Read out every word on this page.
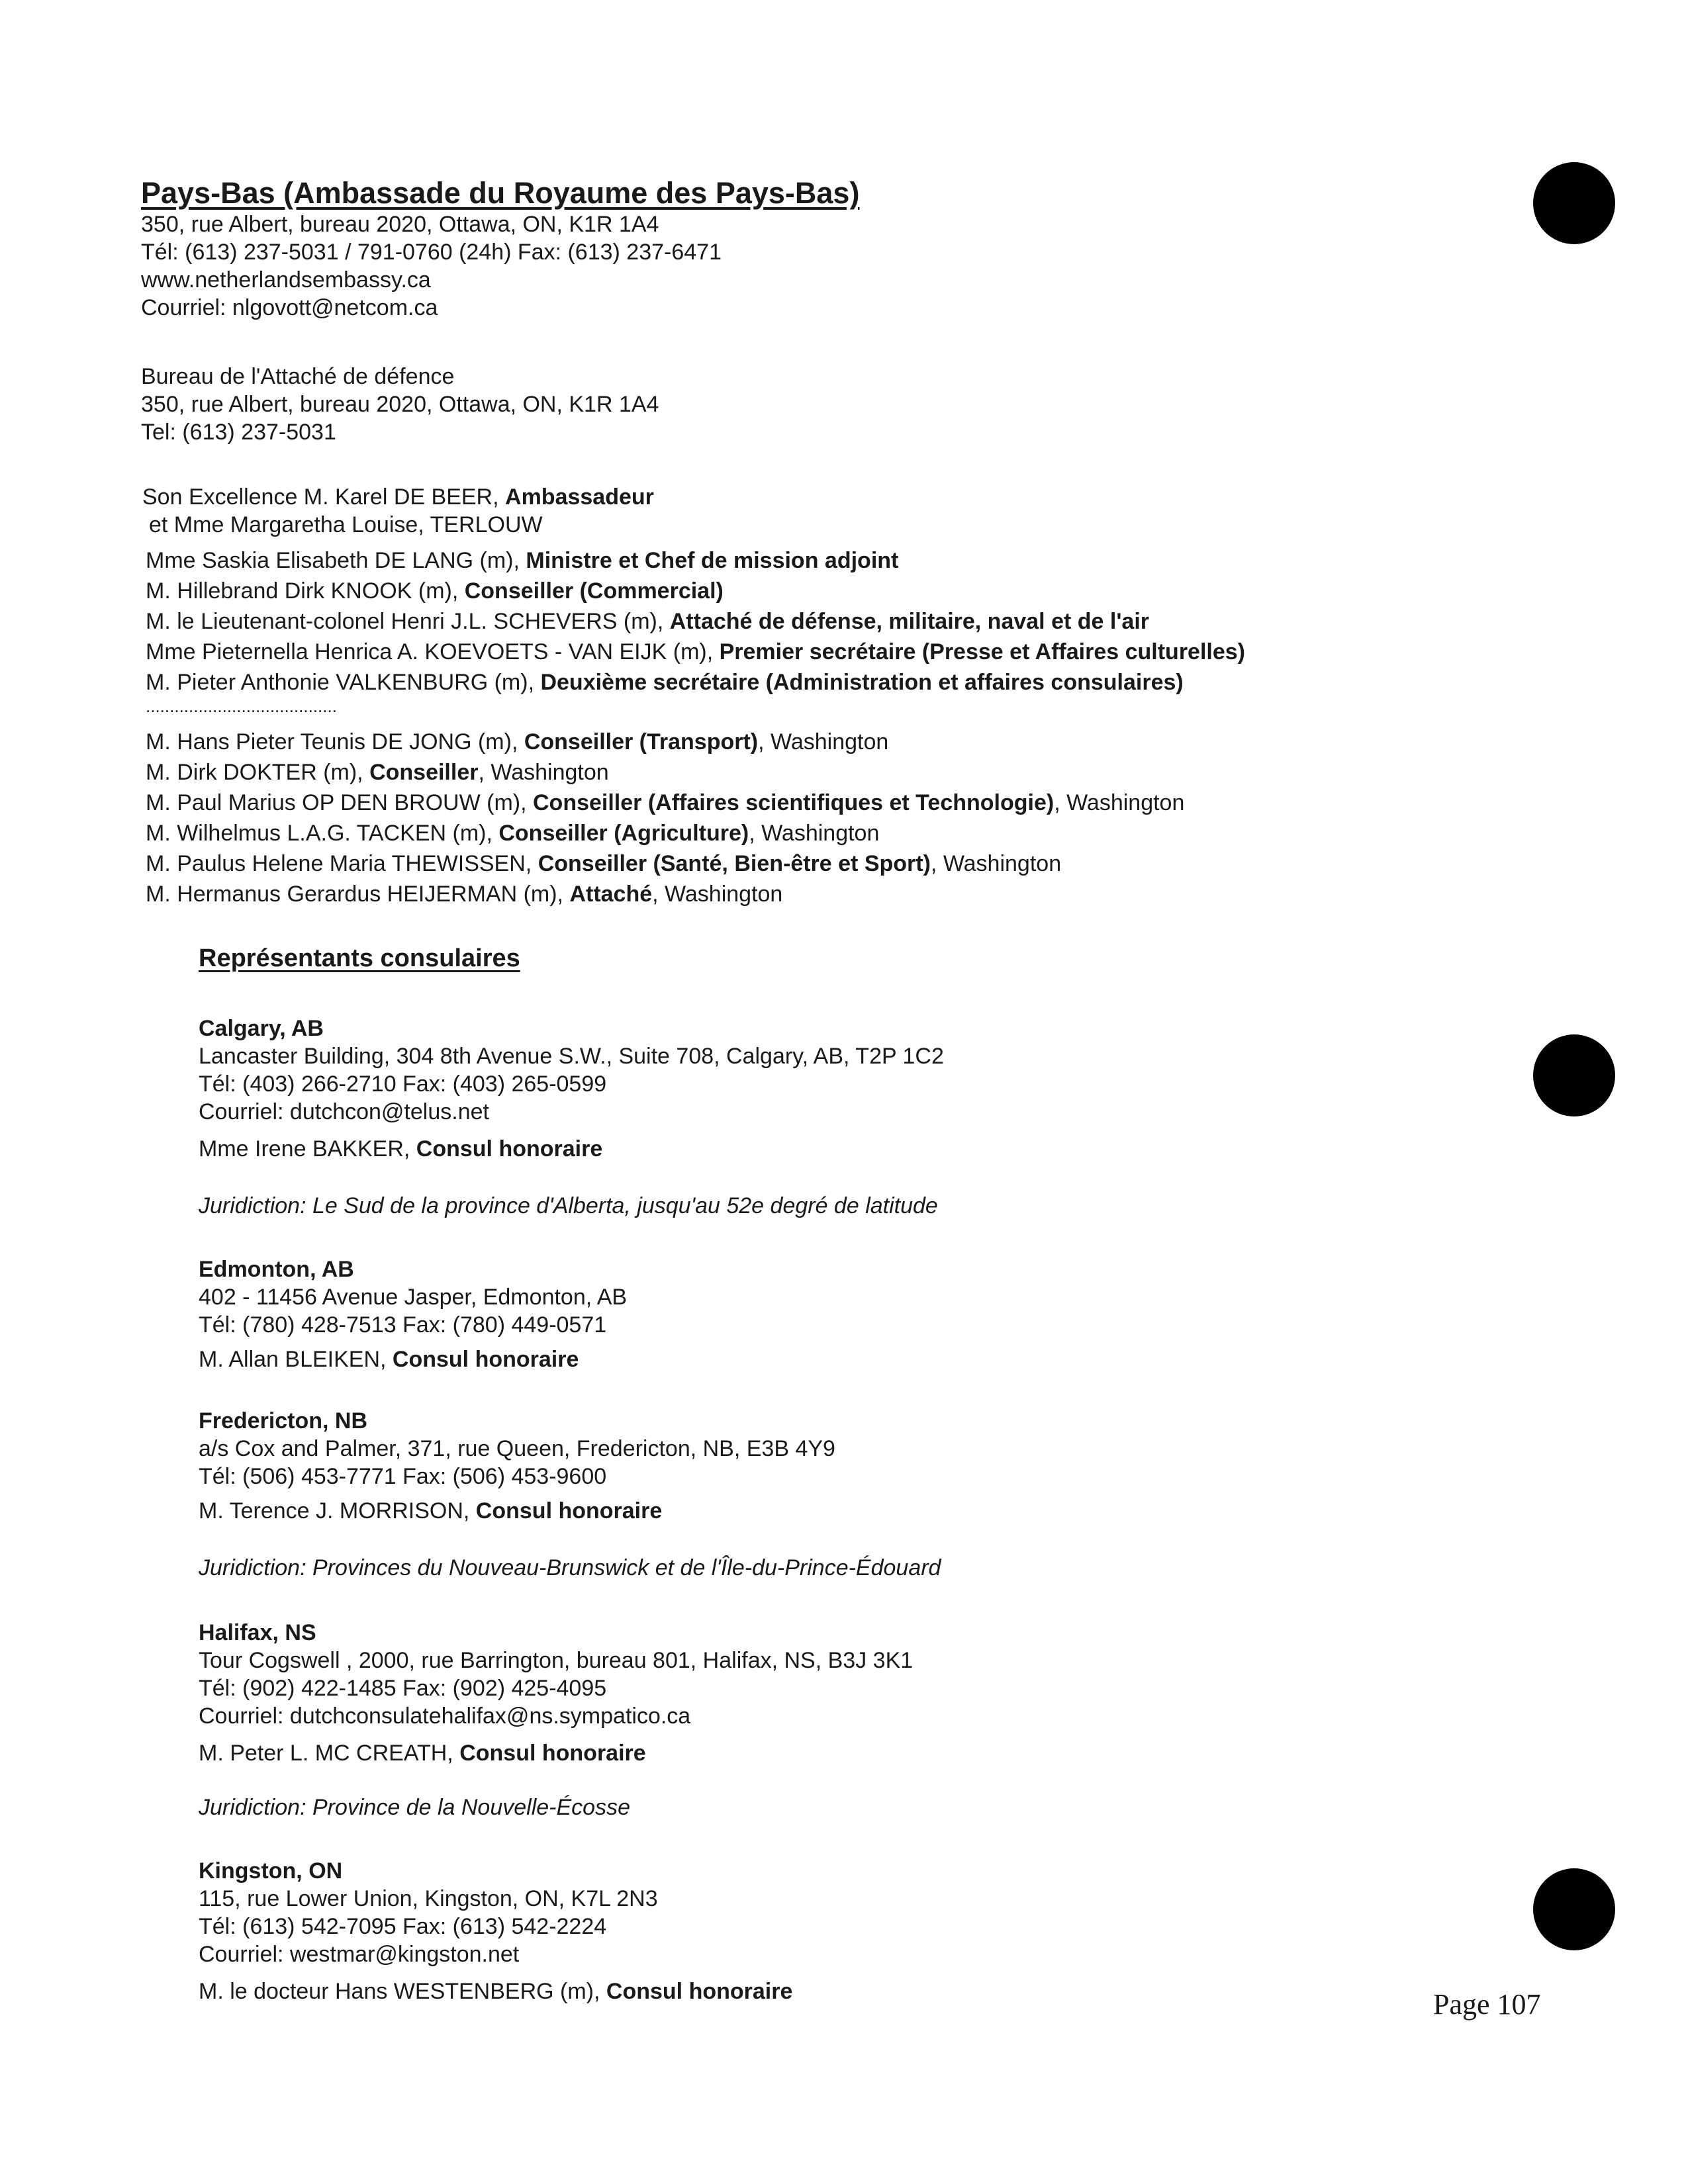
Pays-Bas (Ambassade du Royaume des Pays-Bas)
350, rue Albert, bureau 2020, Ottawa, ON, K1R 1A4
Tél: (613) 237-5031 / 791-0760 (24h) Fax: (613) 237-6471
www.netherlandsembassy.ca
Courriel: nlgovott@netcom.ca
Bureau de l'Attaché de défence
350, rue Albert, bureau 2020, Ottawa, ON, K1R 1A4
Tel: (613) 237-5031
Son Excellence M. Karel DE BEER, Ambassadeur
et Mme Margaretha Louise, TERLOUW
Mme Saskia Elisabeth DE LANG (m), Ministre et Chef de mission adjoint
M. Hillebrand Dirk KNOOK (m), Conseiller (Commercial)
M. le Lieutenant-colonel Henri J.L. SCHEVERS (m), Attaché de défense, militaire, naval et de l'air
Mme Pieternella Henrica A. KOEVOETS - VAN EIJK (m), Premier secrétaire (Presse et Affaires culturelles)
M. Pieter Anthonie VALKENBURG (m), Deuxième secrétaire (Administration et affaires consulaires)
........................................
M. Hans Pieter Teunis DE JONG (m), Conseiller (Transport), Washington
M. Dirk DOKTER (m), Conseiller, Washington
M. Paul Marius OP DEN BROUW (m), Conseiller (Affaires scientifiques et Technologie), Washington
M. Wilhelmus L.A.G. TACKEN (m), Conseiller (Agriculture), Washington
M. Paulus Helene Maria THEWISSEN, Conseiller (Santé, Bien-être et Sport), Washington
M. Hermanus Gerardus HEIJERMAN (m), Attaché, Washington
Représentants consulaires
Calgary, AB
Lancaster Building, 304 8th Avenue S.W., Suite 708, Calgary, AB, T2P 1C2
Tél: (403) 266-2710 Fax: (403) 265-0599
Courriel: dutchcon@telus.net
Mme Irene BAKKER, Consul honoraire
Juridiction: Le Sud de la province d'Alberta, jusqu'au 52e degré de latitude
Edmonton, AB
402 - 11456 Avenue Jasper, Edmonton, AB
Tél: (780) 428-7513 Fax: (780) 449-0571
M. Allan BLEIKEN, Consul honoraire
Fredericton, NB
a/s Cox and Palmer, 371, rue Queen, Fredericton, NB, E3B 4Y9
Tél: (506) 453-7771 Fax: (506) 453-9600
M. Terence J. MORRISON, Consul honoraire
Juridiction: Provinces du Nouveau-Brunswick et de l'Île-du-Prince-Édouard
Halifax, NS
Tour Cogswell , 2000, rue Barrington, bureau 801, Halifax, NS, B3J 3K1
Tél: (902) 422-1485 Fax: (902) 425-4095
Courriel: dutchconsulatehalifax@ns.sympatico.ca
M. Peter L. MC CREATH, Consul honoraire
Juridiction: Province de la Nouvelle-Écosse
Kingston, ON
115, rue Lower Union, Kingston, ON, K7L 2N3
Tél: (613) 542-7095 Fax: (613) 542-2224
Courriel: westmar@kingston.net
M. le docteur Hans WESTENBERG (m), Consul honoraire	Page 107
